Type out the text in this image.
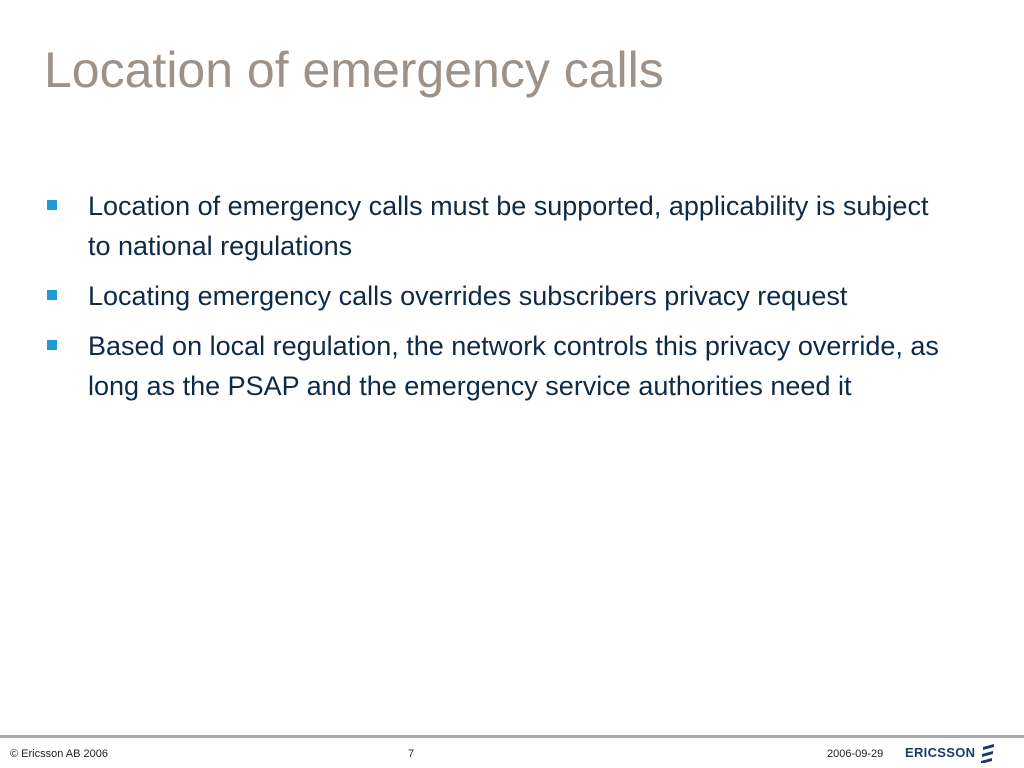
Location of emergency calls
Location of emergency calls must be supported, applicability is subject to national regulations
Locating emergency calls overrides subscribers privacy request
Based on local regulation, the network controls this privacy override, as long as the PSAP and the emergency service authorities need it
© Ericsson AB 2006	7	2006-09-29 ERICSSON
